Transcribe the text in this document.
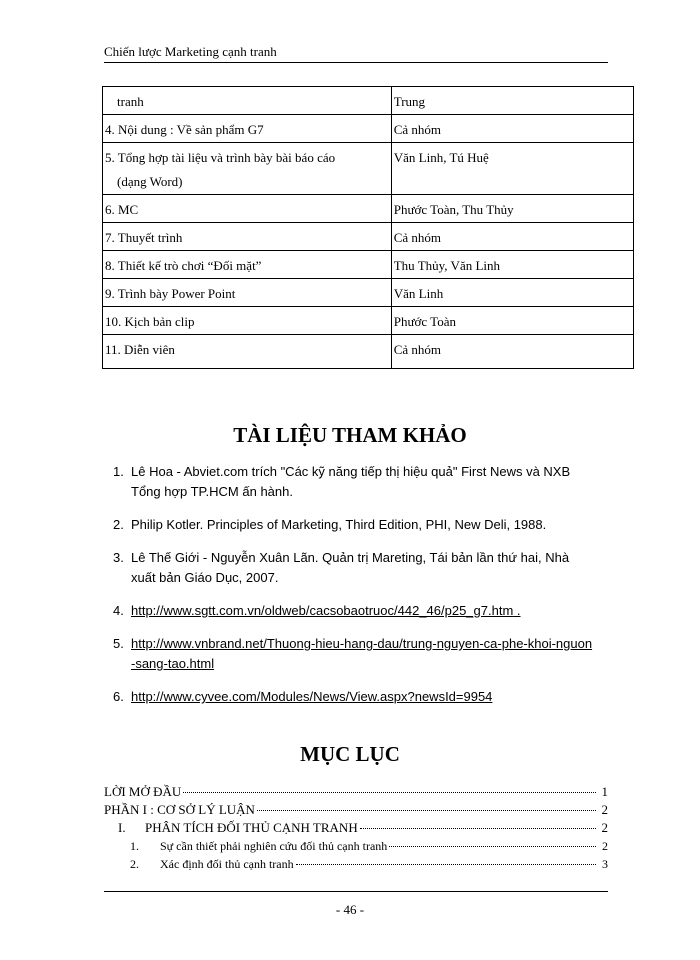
Chiến lược Marketing cạnh tranh
tranh	Trung
4. Nội dung : Về sản phẩm G7	Cả nhóm

5. Tổng hợp tài liệu và trình bày bài báo cáo
(dạng Word)	Văn Linh, Tú Huệ
6. MC	Phước Toàn, Thu Thủy
7. Thuyết trình	Cả nhóm
8. Thiết kế trò chơi “Đối mặt”	Thu Thủy, Văn Linh
9. Trình bày Power Point	Văn Linh
10. Kịch bản clip	Phước Toàn
11. Diễn viên	Cả nhóm
TÀI LIỆU THAM KHẢO
1. Lê Hoa - Abviet.com trích "Các kỹ năng tiếp thị hiệu quả" First News và NXB Tổng hợp TP.HCM ấn hành.
2. Philip Kotler. Principles of Marketing, Third Edition, PHI, New Deli, 1988.
3. Lê Thế Giới - Nguyễn Xuân Lãn. Quản trị Mareting, Tái bản lần thứ hai, Nhà xuất bản Giáo Dục, 2007.
4. http://www.sgtt.com.vn/oldweb/cacsobaotruoc/442_46/p25_g7.htm .
5. http://www.vnbrand.net/Thuong-hieu-hang-dau/trung-nguyen-ca-phe-khoi-nguon-sang-tao.html
6. http://www.cyvee.com/Modules/News/View.aspx?newsId=9954
MỤC LỤC
LỜI MỞ ĐẦU	1
PHẦN I : CƠ SỞ LÝ LUẬN	2
I.	PHÂN TÍCH ĐỐI THỦ CẠNH TRANH	2
1.	Sự cần thiết phải nghiên cứu đối thủ cạnh tranh	2
2.	Xác định đối thủ cạnh tranh	3
- 46 -
